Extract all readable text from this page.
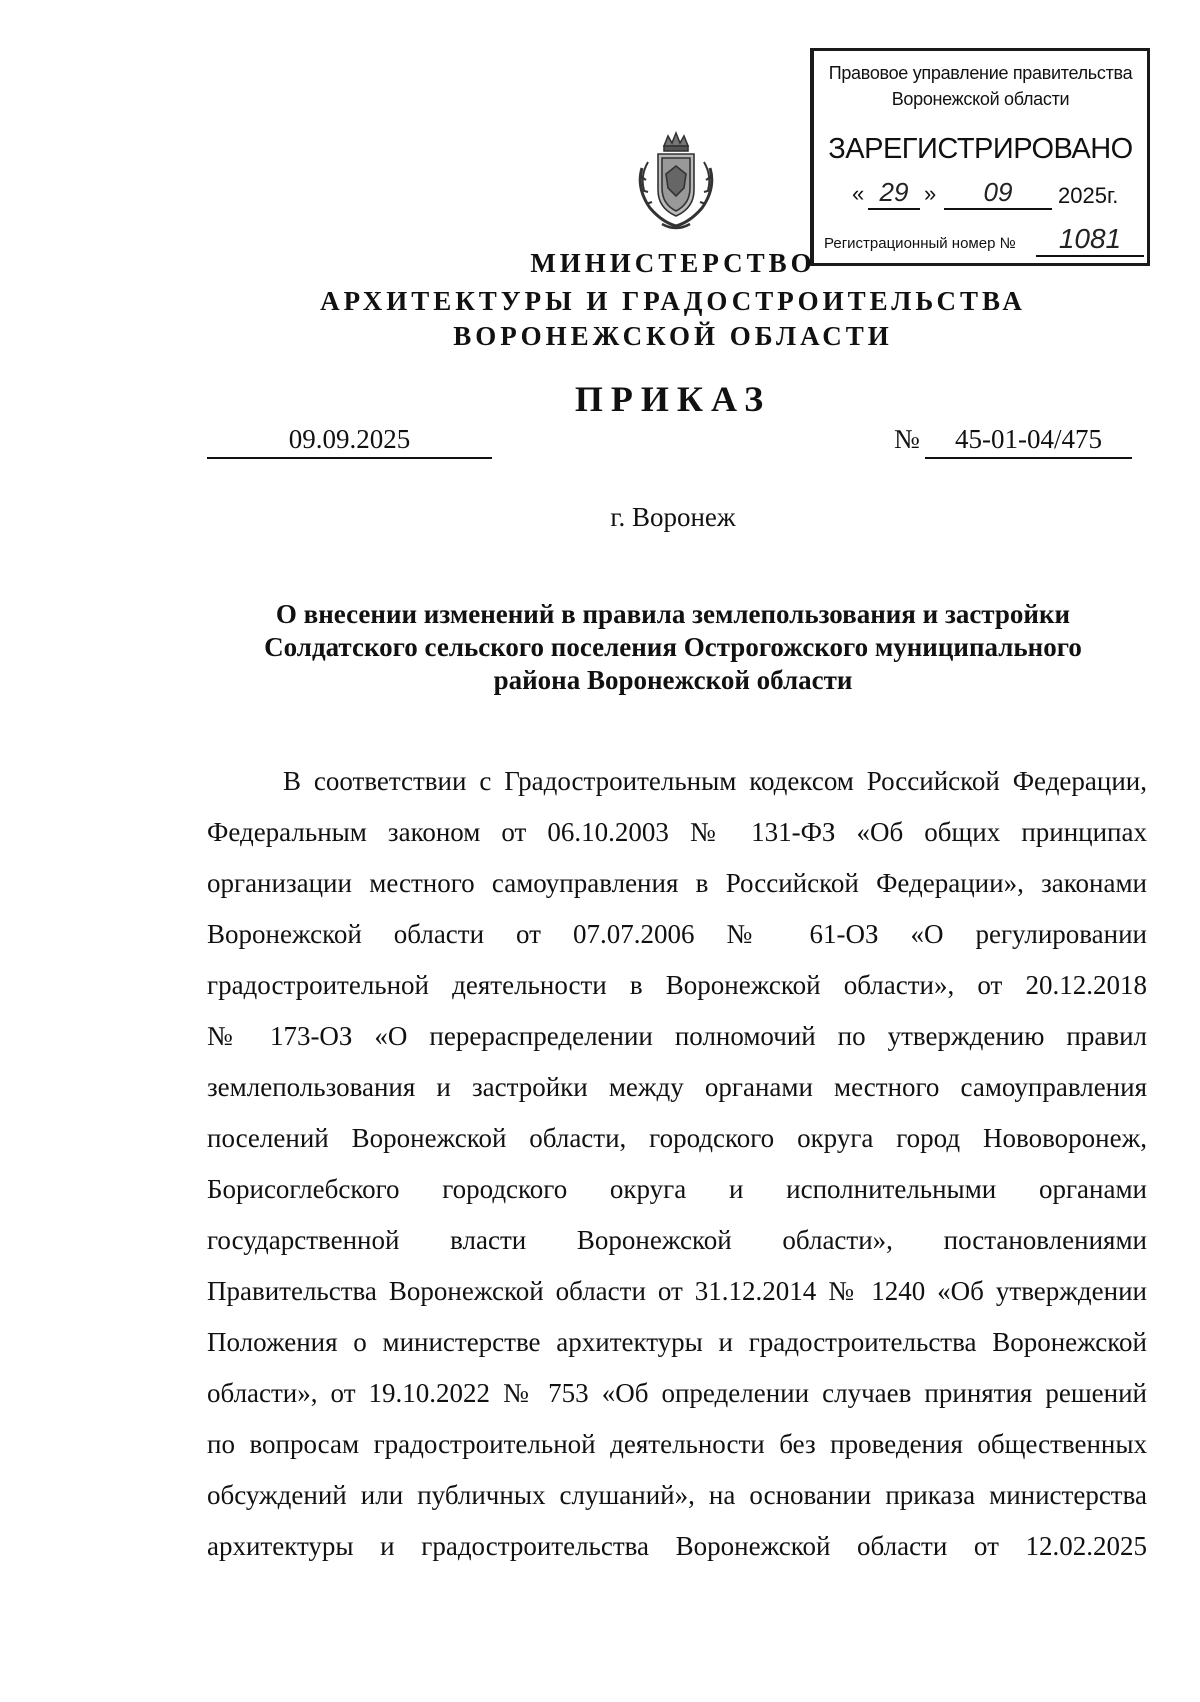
Правовое управление правительства
Воронежской области
ЗАРЕГИСТРИРОВАНО
« 29 »	09	2025г.
Регистрационный номер №	1081
МИНИСТЕРСТВО
АРХИТЕКТУРЫ И ГРАДОСТРОИТЕЛЬСТВА
ВОРОНЕЖСКОЙ ОБЛАСТИ
ПРИКАЗ
09.09.2025	№	45-01-04/475
г. Воронеж
О внесении изменений в правила землепользования и застройки
Солдатского сельского поселения Острогожского муниципального
района Воронежской области
В соответствии с Градостроительным кодексом Российской Федерации,
Федеральным законом от 06.10.2003 № 131-ФЗ «Об общих принципах
организации местного самоуправления в Российской Федерации», законами
Воронежской области от 07.07.2006 № 61-ОЗ «О регулировании
градостроительной деятельности в Воронежской области», от 20.12.2018
№ 173-ОЗ «О перераспределении полномочий по утверждению правил
землепользования и застройки между органами местного самоуправления
поселений Воронежской области, городского округа город Нововоронеж,
Борисоглебского городского округа и исполнительными органами
государственной власти Воронежской области», постановлениями
Правительства Воронежской области от 31.12.2014 № 1240 «Об утверждении
Положения о министерстве архитектуры и градостроительства Воронежской
области», от 19.10.2022 № 753 «Об определении случаев принятия решений
по вопросам градостроительной деятельности без проведения общественных
обсуждений или публичных слушаний», на основании приказа министерства
архитектуры и градостроительства Воронежской области от 12.02.2025
